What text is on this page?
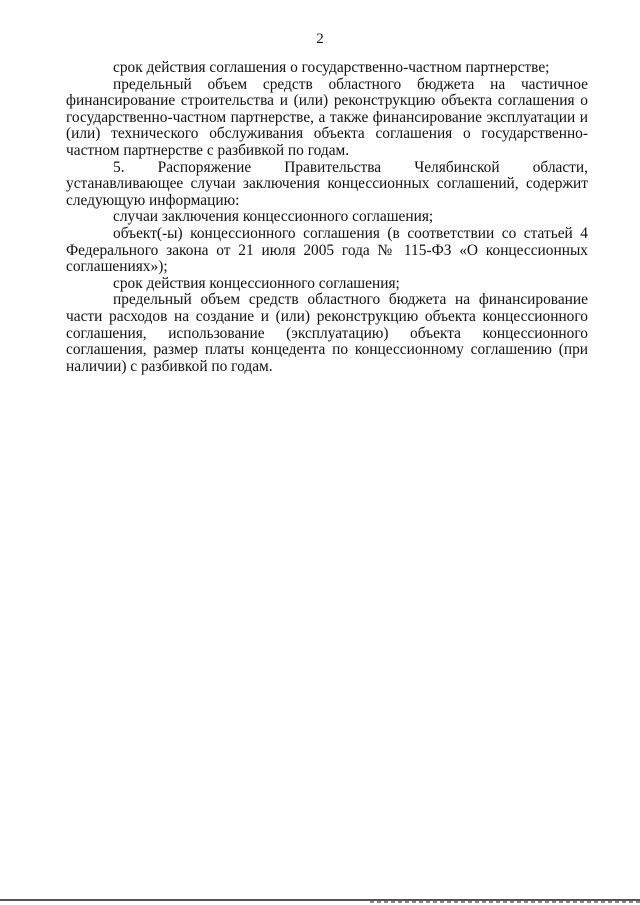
2

срок действия соглашения о государственно-частном партнерстве;

предельный объем средств областного бюджета на частичное финансирование строительства и (или) реконструкцию объекта соглашения о государственно-частном партнерстве, а также финансирование эксплуатации и (или) технического обслуживания объекта соглашения о государственно-частном партнерстве с разбивкой по годам.

5. Распоряжение Правительства Челябинской области, устанавливающее случаи заключения концессионных соглашений, содержит следующую информацию:

случаи заключения концессионного соглашения;

объект(-ы) концессионного соглашения (в соответствии со статьей 4 Федерального закона от 21 июля 2005 года № 115-ФЗ «О концессионных соглашениях»);

срок действия концессионного соглашения;

предельный объем средств областного бюджета на финансирование части расходов на создание и (или) реконструкцию объекта концессионного соглашения, использование (эксплуатацию) объекта концессионного соглашения, размер платы концедента по концессионному соглашению (при наличии) с разбивкой по годам.
